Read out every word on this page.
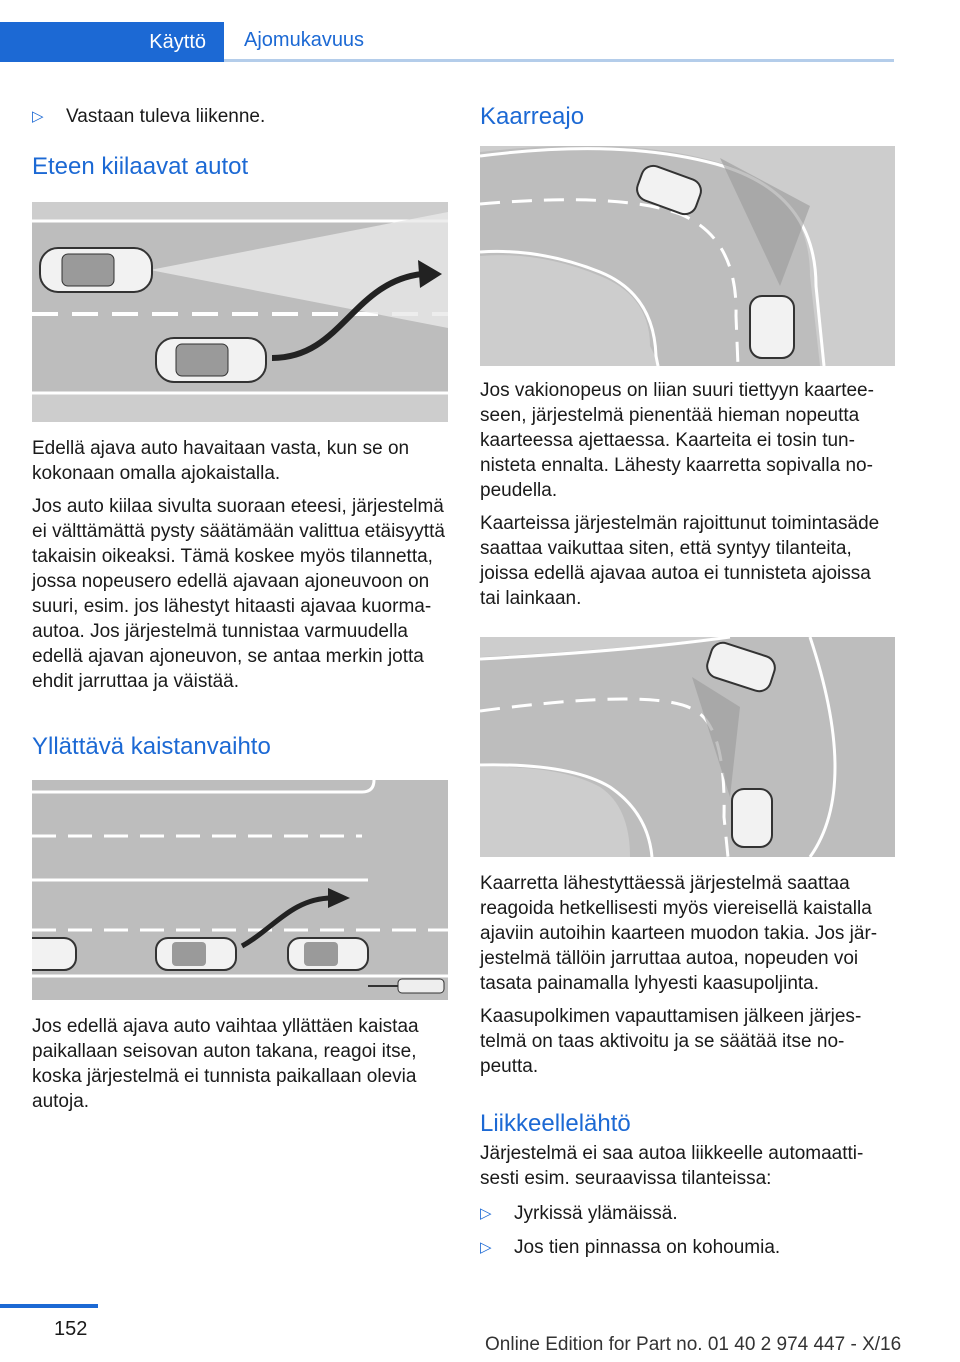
Käyttö	Ajomukavuus
▷	Vastaan tuleva liikenne.
Eteen kiilaavat autot

Edellä ajava auto havaitaan vasta, kun se on kokonaan omalla ajokaistalla.

Jos auto kiilaa sivulta suoraan eteesi, järjestelmä ei välttämättä pysty säätämään valittua etäisyyttä takaisin oikeaksi. Tämä koskee myös tilannetta, jossa nopeusero edellä ajavaan ajoneuvoon on suuri, esim. jos lähestyt hitaasti ajavaa kuorma-autoa. Jos järjestelmä tunnistaa varmuudella edellä ajavan ajoneuvon, se antaa merkin jotta ehdit jarruttaa ja väistää.

Yllättävä kaistanvaihto

Jos edellä ajava auto vaihtaa yllättäen kaistaa paikallaan seisovan auton takana, reagoi itse, koska järjestelmä ei tunnista paikallaan olevia autoja.

Kaarreajo

Jos vakionopeus on liian suuri tiettyyn kaarteeseen, järjestelmä pienentää hieman nopeutta kaarteessa ajettaessa. Kaarteita ei tosin tunnisteta ennalta. Lähesty kaarretta sopivalla nopeudella.

Kaarteissa järjestelmän rajoittunut toimintasäde saattaa vaikuttaa siten, että syntyy tilanteita, joissa edellä ajavaa autoa ei tunnisteta ajoissa tai lainkaan.

Kaarretta lähestyttäessä järjestelmä saattaa reagoida hetkellisesti myös viereisellä kaistalla ajaviin autoihin kaarteen muodon takia. Jos järjestelmä tällöin jarruttaa autoa, nopeuden voi tasata painamalla lyhyesti kaasupoljinta.

Kaasupolkimen vapauttamisen jälkeen järjestelmä on taas aktivoitu ja se säätää itse nopeutta.

Liikkeellelähtö

Järjestelmä ei saa autoa liikkeelle automaattisesti esim. seuraavissa tilanteissa:

▷	Jyrkissä ylämäissä.
▷	Jos tien pinnassa on kohoumia.
152
Online Edition for Part no. 01 40 2 974 447 - X/16
